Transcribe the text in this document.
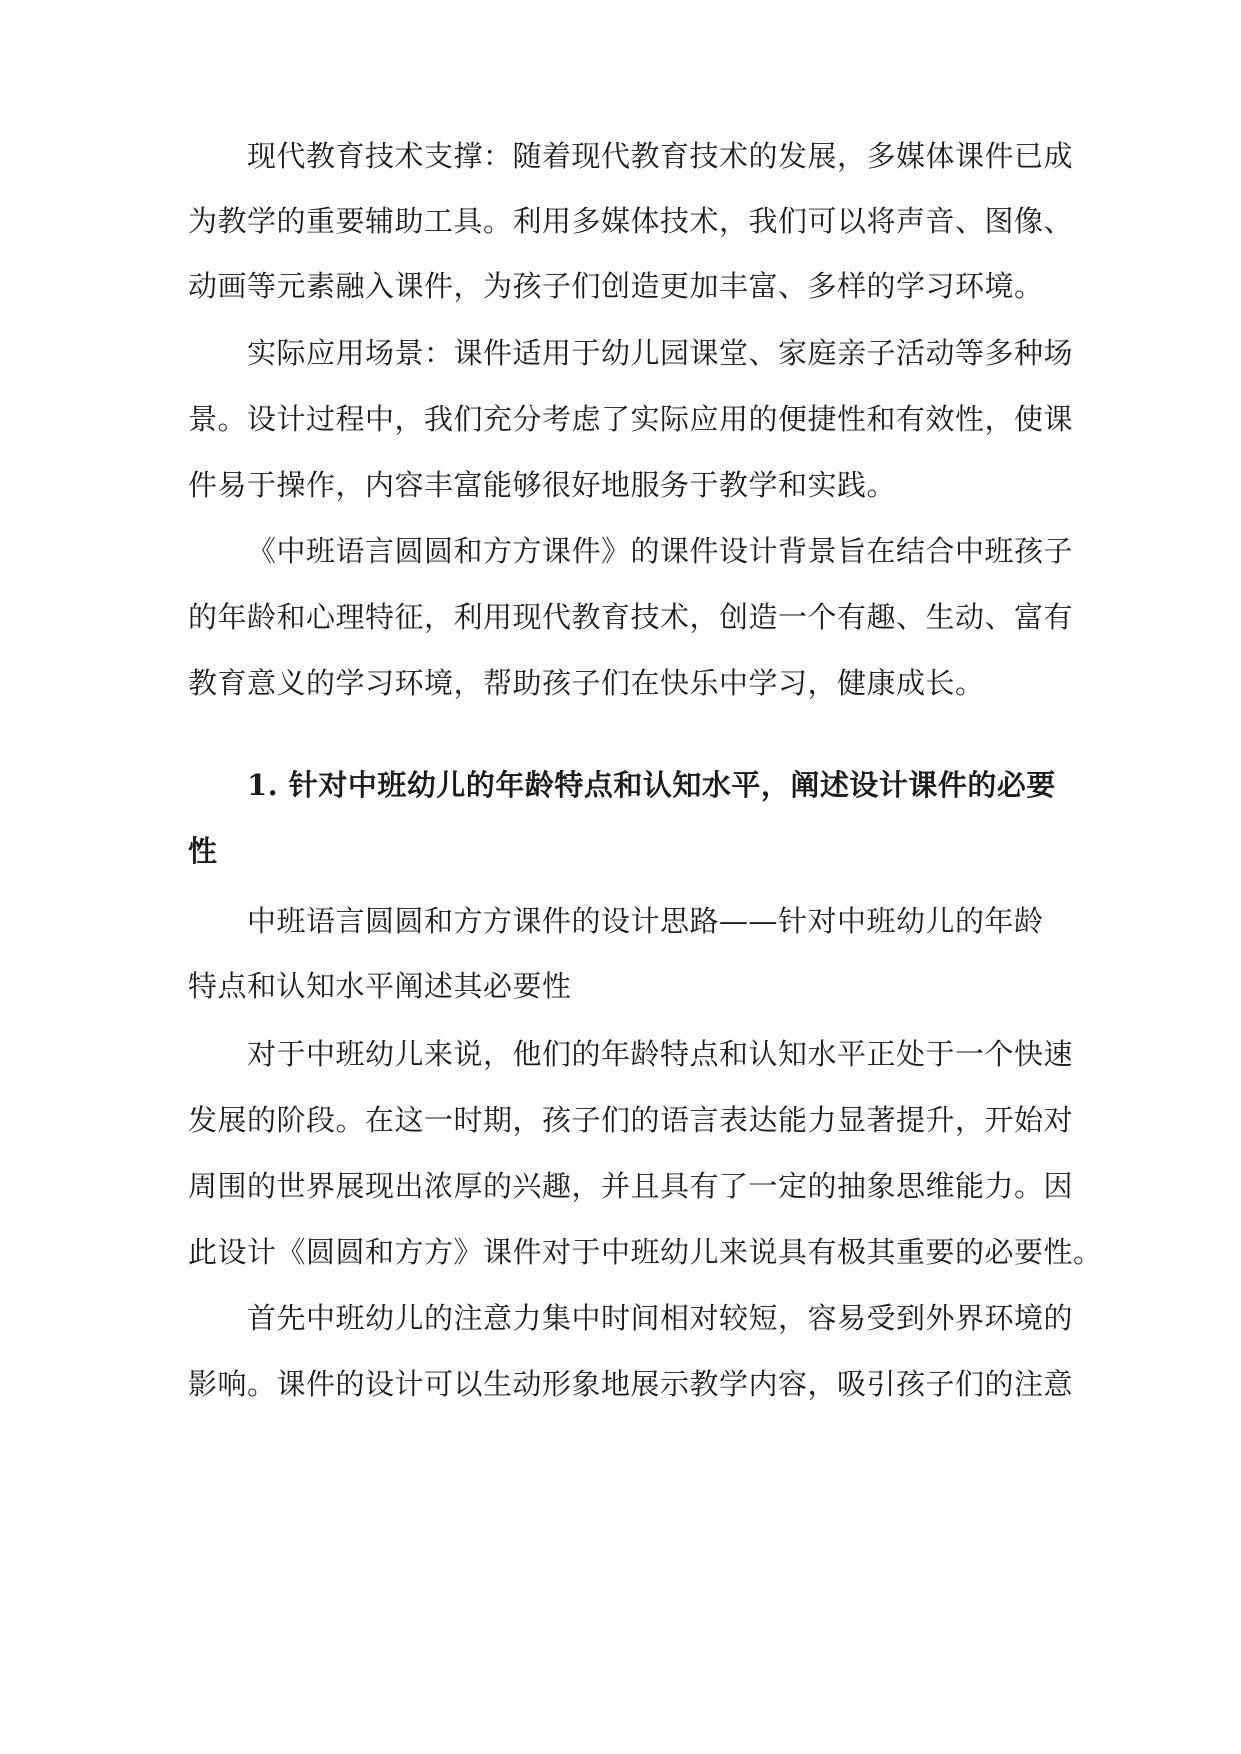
现代教育技术支撑：随着现代教育技术的发展，多媒体课件已成

为教学的重要辅助工具。利用多媒体技术，我们可以将声音、图像、

动画等元素融入课件，为孩子们创造更加丰富、多样的学习环境。

实际应用场景：课件适用于幼儿园课堂、家庭亲子活动等多种场

景。设计过程中，我们充分考虑了实际应用的便捷性和有效性，使课

件易于操作，内容丰富能够很好地服务于教学和实践。

《中班语言圆圆和方方课件》的课件设计背景旨在结合中班孩子

的年龄和心理特征，利用现代教育技术，创造一个有趣、生动、富有

教育意义的学习环境，帮助孩子们在快乐中学习，健康成长。

1. 针对中班幼儿的年龄特点和认知水平，阐述设计课件的必要

性

中班语言圆圆和方方课件的设计思路——针对中班幼儿的年龄

特点和认知水平阐述其必要性

对于中班幼儿来说，他们的年龄特点和认知水平正处于一个快速

发展的阶段。在这一时期，孩子们的语言表达能力显著提升，开始对

周围的世界展现出浓厚的兴趣，并且具有了一定的抽象思维能力。因

此设计《圆圆和方方》课件对于中班幼儿来说具有极其重要的必要性。

首先中班幼儿的注意力集中时间相对较短，容易受到外界环境的

影响。课件的设计可以生动形象地展示教学内容，吸引孩子们的注意
